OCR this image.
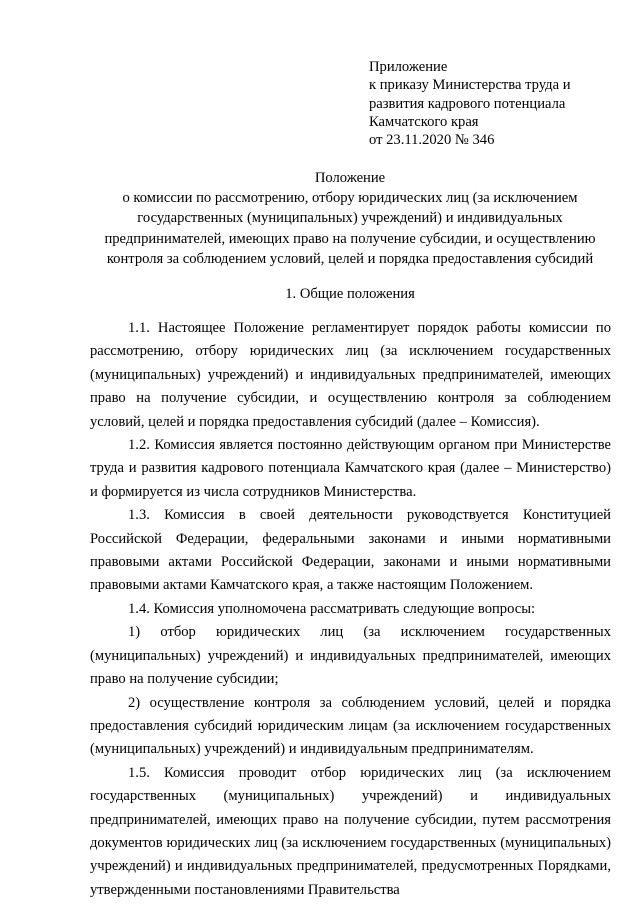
Приложение
к приказу Министерства труда и
развития кадрового потенциала
Камчатского края
от 23.11.2020 № 346
Положение
о комиссии по рассмотрению, отбору юридических лиц (за исключением
государственных (муниципальных) учреждений) и индивидуальных
предпринимателей, имеющих право на получение субсидии, и осуществлению
контроля за соблюдением условий, целей и порядка предоставления субсидий
1. Общие положения

1.1. Настоящее Положение регламентирует порядок работы комиссии по рассмотрению, отбору юридических лиц (за исключением государственных (муниципальных) учреждений) и индивидуальных предпринимателей, имеющих право на получение субсидии, и осуществлению контроля за соблюдением условий, целей и порядка предоставления субсидий (далее – Комиссия).

1.2. Комиссия является постоянно действующим органом при Министерстве труда и развития кадрового потенциала Камчатского края (далее – Министерство) и формируется из числа сотрудников Министерства.

1.3. Комиссия в своей деятельности руководствуется Конституцией Российской Федерации, федеральными законами и иными нормативными правовыми актами Российской Федерации, законами и иными нормативными правовыми актами Камчатского края, а также настоящим Положением.

1.4. Комиссия уполномочена рассматривать следующие вопросы:

1) отбор юридических лиц (за исключением государственных (муниципальных) учреждений) и индивидуальных предпринимателей, имеющих право на получение субсидии;

2) осуществление контроля за соблюдением условий, целей и порядка предоставления субсидий юридическим лицам (за исключением государственных (муниципальных) учреждений) и индивидуальным предпринимателям.

1.5. Комиссия проводит отбор юридических лиц (за исключением государственных (муниципальных) учреждений) и индивидуальных предпринимателей, имеющих право на получение субсидии, путем рассмотрения документов юридических лиц (за исключением государственных (муниципальных) учреждений) и индивидуальных предпринимателей, предусмотренных Порядками, утвержденными постановлениями Правительства
